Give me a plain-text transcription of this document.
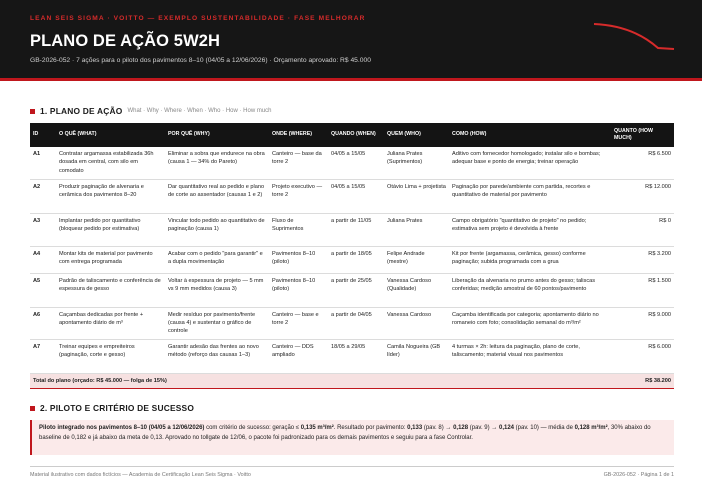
LEAN SEIS SIGMA · VOITTO — EXEMPLO SUSTENTABILIDADE · FASE MELHORAR
PLANO DE AÇÃO 5W2H
GB-2026-052 · 7 ações para o piloto dos pavimentos 8–10 (04/05 a 12/06/2026) · Orçamento aprovado: R$ 45.000
1. PLANO DE AÇÃO What · Why · Where · When · Who · How · How much
ID	O QUÊ (WHAT)	POR QUÊ (WHY)	ONDE (WHERE)	QUANDO (WHEN)	QUEM (WHO)	COMO (HOW)	QUANTO (HOW MUCH)
A1	Contratar argamassa estabilizada 36h dosada em central, com silo em comodato	Eliminar a sobra que endurece na obra (causa 1 — 34% do Pareto)	Canteiro — base da torre 2	04/05 a 15/05	Juliana Prates (Suprimentos)	Aditivo com fornecedor homologado; instalar silo e bombas; adequar base e ponto de energia; treinar operação	R$ 6.500
A2	Produzir paginação de alvenaria e cerâmica dos pavimentos 8–20	Dar quantitativo real ao pedido e plano de corte ao assentador (causas 1 e 2)	Projeto executivo — torre 2	04/05 a 15/05	Otávio Lima + projetista	Paginação por parede/ambiente com partida, recortes e quantitativo de material por pavimento	R$ 12.000
A3	Implantar pedido por quantitativo (bloquear pedido por estimativa)	Vincular todo pedido ao quantitativo de paginação (causa 1)	Fluxo de Suprimentos	a partir de 11/05	Juliana Prates	Campo obrigatório "quantitativo de projeto" no pedido; estimativa sem projeto é devolvida à frente	R$ 0
A4	Montar kits de material por pavimento com entrega programada	Acabar com o pedido "para garantir" e a dupla movimentação	Pavimentos 8–10 (piloto)	a partir de 18/05	Felipe Andrade (mestre)	Kit por frente (argamassa, cerâmica, gesso) conforme paginação; subida programada com a grua	R$ 3.200
A5	Padrão de talisca​mento e conferência de espessura de gesso	Voltar à espessura de projeto — 5 mm vs 9 mm medidos (causa 3)	Pavimentos 8–10 (piloto)	a partir de 25/05	Vanessa Cardoso (Qualidade)	Liberação da alvenaria no prumo antes do gesso; taliscas conferidas; medição amostral de 60 pontos/pavimento	R$ 1.500
A6	Caçambas dedicadas por frente + apontamento diário de m³	Medir resíduo por pavimento/frente (causa 4) e sustentar o gráfico de controle	Canteiro — base e torre 2	a partir de 04/05	Vanessa Cardoso	Caçamba identificada por categoria; apontamento diário no romaneio com foto; consolidação semanal do m³/m²	R$ 9.000
A7	Treinar equipes e empreiteiros (paginação, corte e gesso)	Garantir adesão das frentes ao novo método (reforço das causas 1–3)	Canteiro — DDS ampliado	18/05 a 29/05	Camila Nogueira (GB líder)	4 turmas × 2h: leitura da paginação, plano de corte, taliscamento; material visual nos pavimentos	R$ 6.000
Total do plano (orçado: R$ 45.000 — folga de 15%)							R$ 38.200
2. PILOTO E CRITÉRIO DE SUCESSO
Piloto integrado nos pavimentos 8–10 (04/05 a 12/06/2026) com critério de sucesso: geração ≤ 0,135 m³/m². Resultado por pavimento: 0,133 (pav. 8) → 0,128 (pav. 9) → 0,124 (pav. 10) — média de 0,128 m³/m², 30% abaixo do baseline de 0,182 e já abaixo da meta de 0,13. Aprovado no tollgate de 12/06, o pacote foi padronizado para os demais pavimentos e seguiu para a fase Controlar.
Material ilustrativo com dados fictícios — Academia de Certificação Lean Seis Sigma · Voitto	GB-2026-052 · Página 1 de 1
